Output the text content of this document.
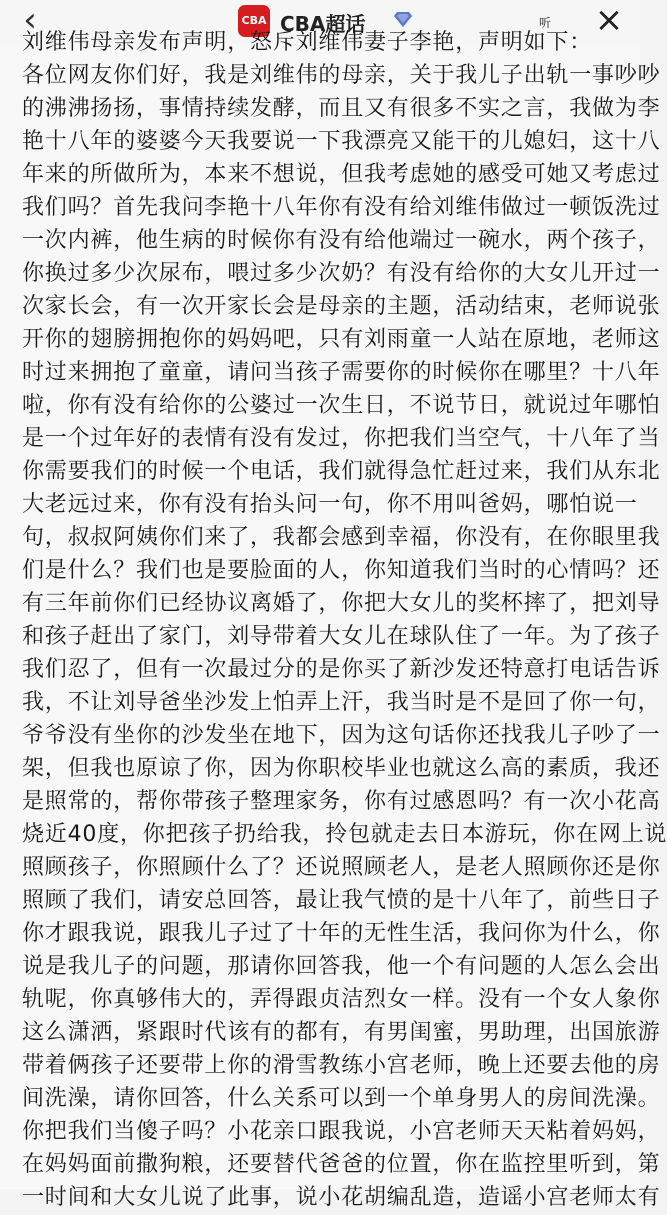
‹	CBA CBA超话	听	×
刘维伟母亲发布声明，怒斥刘维伟妻子李艳，声明如下：
各位网友你们好，我是刘维伟的母亲，关于我儿子出轨一事吵吵
的沸沸扬扬，事情持续发酵，而且又有很多不实之言，我做为李
艳十八年的婆婆今天我要说一下我漂亮又能干的儿媳妇，这十八
年来的所做所为，本来不想说，但我考虑她的感受可她又考虑过
我们吗？首先我问李艳十八年你有没有给刘维伟做过一顿饭洗过
一次内裤，他生病的时候你有没有给他端过一碗水，两个孩子，
你换过多少次尿布，喂过多少次奶？有没有给你的大女儿开过一
次家长会，有一次开家长会是母亲的主题，活动结束，老师说张
开你的翅膀拥抱你的妈妈吧，只有刘雨童一人站在原地，老师这
时过来拥抱了童童，请问当孩子需要你的时候你在哪里？十八年
啦，你有没有给你的公婆过一次生日，不说节日，就说过年哪怕
是一个过年好的表情有没有发过，你把我们当空气，十八年了当
你需要我们的时候一个电话，我们就得急忙赶过来，我们从东北
大老远过来，你有没有抬头问一句，你不用叫爸妈，哪怕说一
句，叔叔阿姨你们来了，我都会感到幸福，你没有，在你眼里我
们是什么？我们也是要脸面的人，你知道我们当时的心情吗？还
有三年前你们已经协议离婚了，你把大女儿的奖杯摔了，把刘导
和孩子赶出了家门，刘导带着大女儿在球队住了一年。为了孩子
我们忍了，但有一次最过分的是你买了新沙发还特意打电话告诉
我，不让刘导爸坐沙发上怕弄上汗，我当时是不是回了你一句，
爷爷没有坐你的沙发坐在地下，因为这句话你还找我儿子吵了一
架，但我也原谅了你，因为你职校毕业也就这么高的素质，我还
是照常的，帮你带孩子整理家务，你有过感恩吗？有一次小花高
烧近40度，你把孩子扔给我，拎包就走去日本游玩，你在网上说
照顾孩子，你照顾什么了？还说照顾老人，是老人照顾你还是你
照顾了我们，请安总回答，最让我气愤的是十八年了，前些日子
你才跟我说，跟我儿子过了十年的无性生活，我问你为什么，你
说是我儿子的问题，那请你回答我，他一个有问题的人怎么会出
轨呢，你真够伟大的，弄得跟贞洁烈女一样。没有一个女人象你
这么潇洒，紧跟时代该有的都有，有男闺蜜，男助理，出国旅游
带着俩孩子还要带上你的滑雪教练小宫老师，晚上还要去他的房
间洗澡，请你回答，什么关系可以到一个单身男人的房间洗澡。
你把我们当傻子吗？小花亲口跟我说，小宫老师天天粘着妈妈，
在妈妈面前撒狗粮，还要替代爸爸的位置，你在监控里听到，第
一时间和大女儿说了此事，说小花胡编乱造，造谣小宫老师太有
